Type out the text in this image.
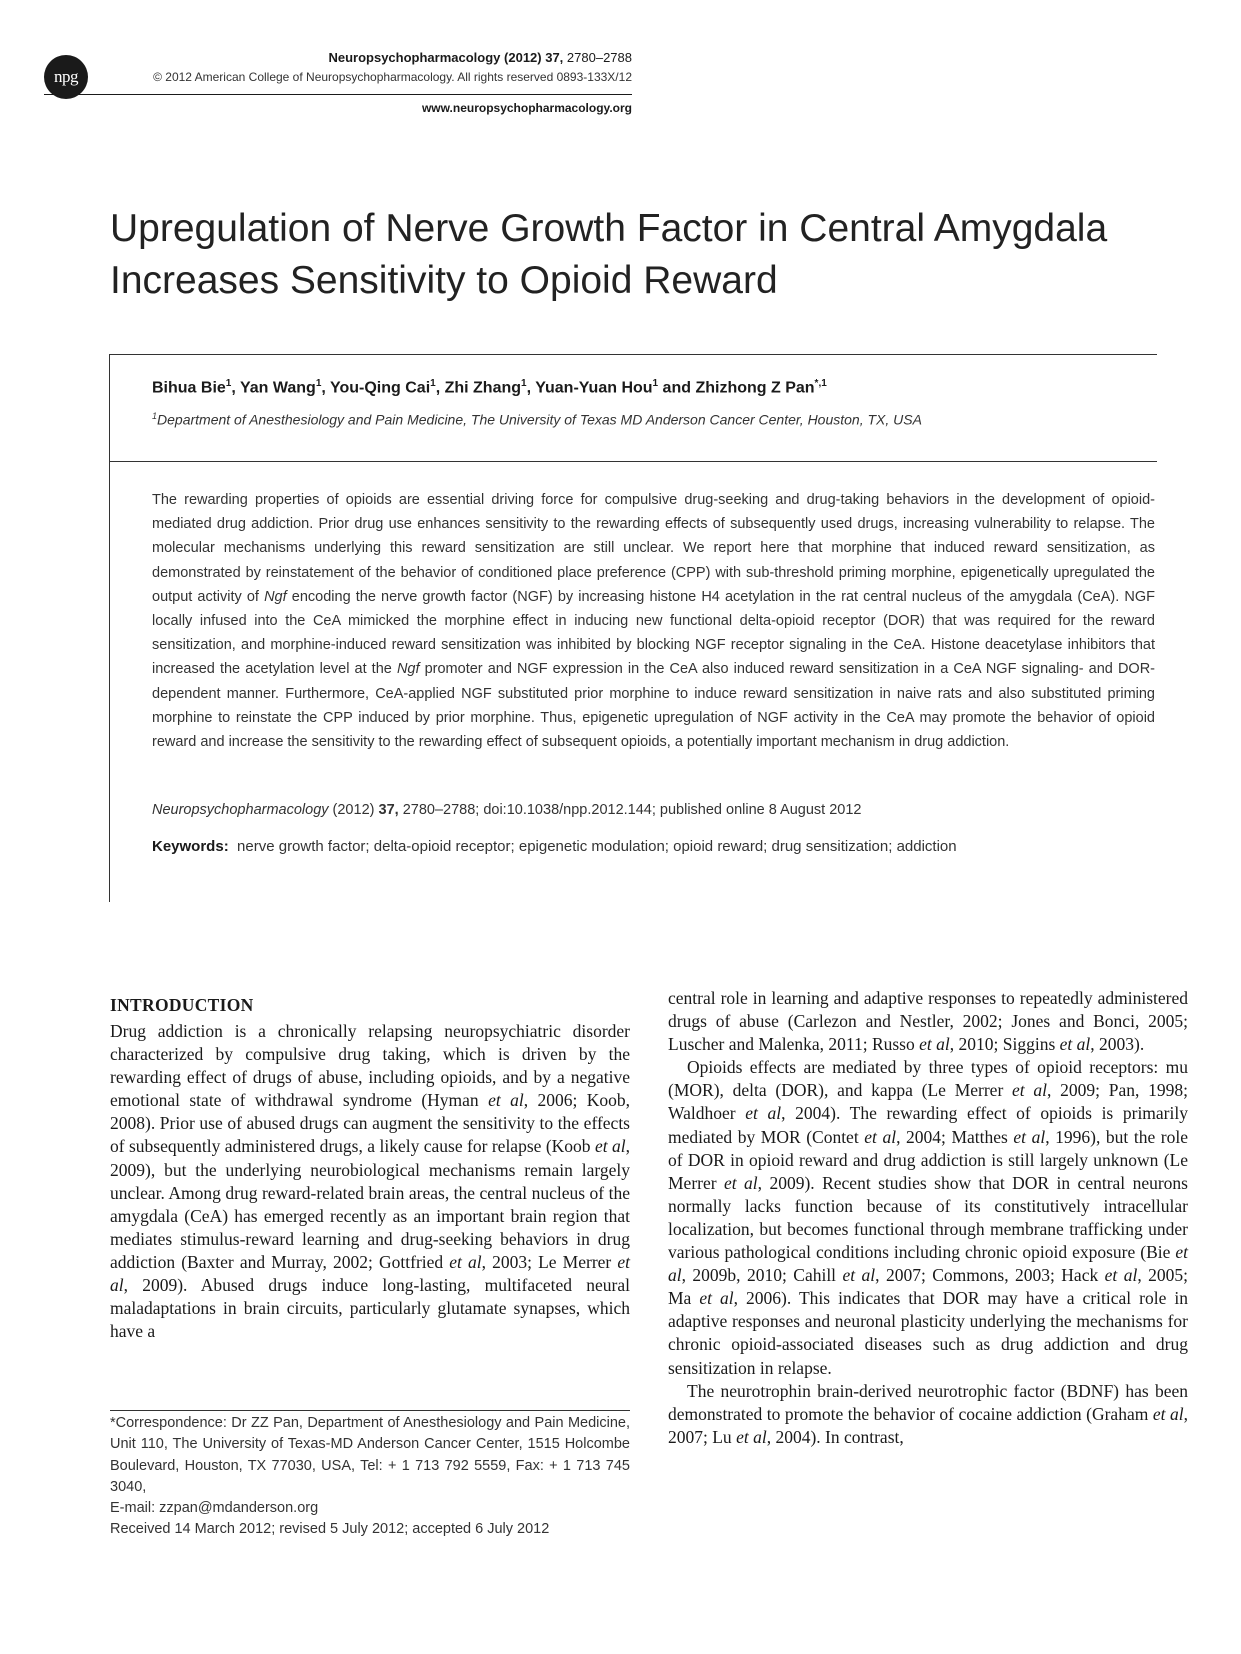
npg
Neuropsychopharmacology (2012) 37, 2780–2788
© 2012 American College of Neuropsychopharmacology. All rights reserved 0893-133X/12
www.neuropsychopharmacology.org
Upregulation of Nerve Growth Factor in Central Amygdala
Increases Sensitivity to Opioid Reward
Bihua Bie$^1$, Yan Wang$^1$, You-Qing Cai$^1$, Zhi Zhang$^1$, Yuan-Yuan Hou$^1$ and Zhizhong Z Pan$^{*,1}$
$^1$Department of Anesthesiology and Pain Medicine, The University of Texas MD Anderson Cancer Center, Houston, TX, USA

The rewarding properties of opioids are essential driving force for compulsive drug-seeking and drug-taking behaviors in the development of opioid-mediated drug addiction. Prior drug use enhances sensitivity to the rewarding effects of subsequently used drugs, increasing vulnerability to relapse. The molecular mechanisms underlying this reward sensitization are still unclear. We report here that morphine that induced reward sensitization, as demonstrated by reinstatement of the behavior of conditioned place preference (CPP) with sub-threshold priming morphine, epigenetically upregulated the output activity of Ngf encoding the nerve growth factor (NGF) by increasing histone H4 acetylation in the rat central nucleus of the amygdala (CeA). NGF locally infused into the CeA mimicked the morphine effect in inducing new functional delta-opioid receptor (DOR) that was required for the reward sensitization, and morphine-induced reward sensitization was inhibited by blocking NGF receptor signaling in the CeA. Histone deacetylase inhibitors that increased the acetylation level at the Ngf promoter and NGF expression in the CeA also induced reward sensitization in a CeA NGF signaling- and DOR-dependent manner. Furthermore, CeA-applied NGF substituted prior morphine to induce reward sensitization in naive rats and also substituted priming morphine to reinstate the CPP induced by prior morphine. Thus, epigenetic upregulation of NGF activity in the CeA may promote the behavior of opioid reward and increase the sensitivity to the rewarding effect of subsequent opioids, a potentially important mechanism in drug addiction.

Neuropsychopharmacology (2012) 37, 2780–2788; doi:10.1038/npp.2012.144; published online 8 August 2012
Keywords: nerve growth factor; delta-opioid receptor; epigenetic modulation; opioid reward; drug sensitization; addiction
INTRODUCTION

Drug addiction is a chronically relapsing neuropsychiatric disorder characterized by compulsive drug taking, which is driven by the rewarding effect of drugs of abuse, including opioids, and by a negative emotional state of withdrawal syndrome (Hyman et al, 2006; Koob, 2008). Prior use of abused drugs can augment the sensitivity to the effects of subsequently administered drugs, a likely cause for relapse (Koob et al, 2009), but the underlying neurobiological mechanisms remain largely unclear. Among drug reward-related brain areas, the central nucleus of the amygdala (CeA) has emerged recently as an important brain region that mediates stimulus-reward learning and drug-seeking behaviors in drug addiction (Baxter and Murray, 2002; Gottfried et al, 2003; Le Merrer et al, 2009). Abused drugs induce long-lasting, multifaceted neural maladaptations in brain circuits, particularly glutamate synapses, which have a

central role in learning and adaptive responses to repeatedly administered drugs of abuse (Carlezon and Nestler, 2002; Jones and Bonci, 2005; Luscher and Malenka, 2011; Russo et al, 2010; Siggins et al, 2003).

Opioids effects are mediated by three types of opioid receptors: mu (MOR), delta (DOR), and kappa (Le Merrer et al, 2009; Pan, 1998; Waldhoer et al, 2004). The rewarding effect of opioids is primarily mediated by MOR (Contet et al, 2004; Matthes et al, 1996), but the role of DOR in opioid reward and drug addiction is still largely unknown (Le Merrer et al, 2009). Recent studies show that DOR in central neurons normally lacks function because of its constitutively intracellular localization, but becomes functional through membrane trafficking under various pathological conditions including chronic opioid exposure (Bie et al, 2009b, 2010; Cahill et al, 2007; Commons, 2003; Hack et al, 2005; Ma et al, 2006). This indicates that DOR may have a critical role in adaptive responses and neuronal plasticity underlying the mechanisms for chronic opioid-associated diseases such as drug addiction and drug sensitization in relapse.

The neurotrophin brain-derived neurotrophic factor (BDNF) has been demonstrated to promote the behavior of cocaine addiction (Graham et al, 2007; Lu et al, 2004). In contrast,

*Correspondence: Dr ZZ Pan, Department of Anesthesiology and Pain Medicine, Unit 110, The University of Texas-MD Anderson Cancer Center, 1515 Holcombe Boulevard, Houston, TX 77030, USA, Tel: + 1 713 792 5559, Fax: + 1 713 745 3040,
E-mail: zzpan@mdanderson.org
Received 14 March 2012; revised 5 July 2012; accepted 6 July 2012
